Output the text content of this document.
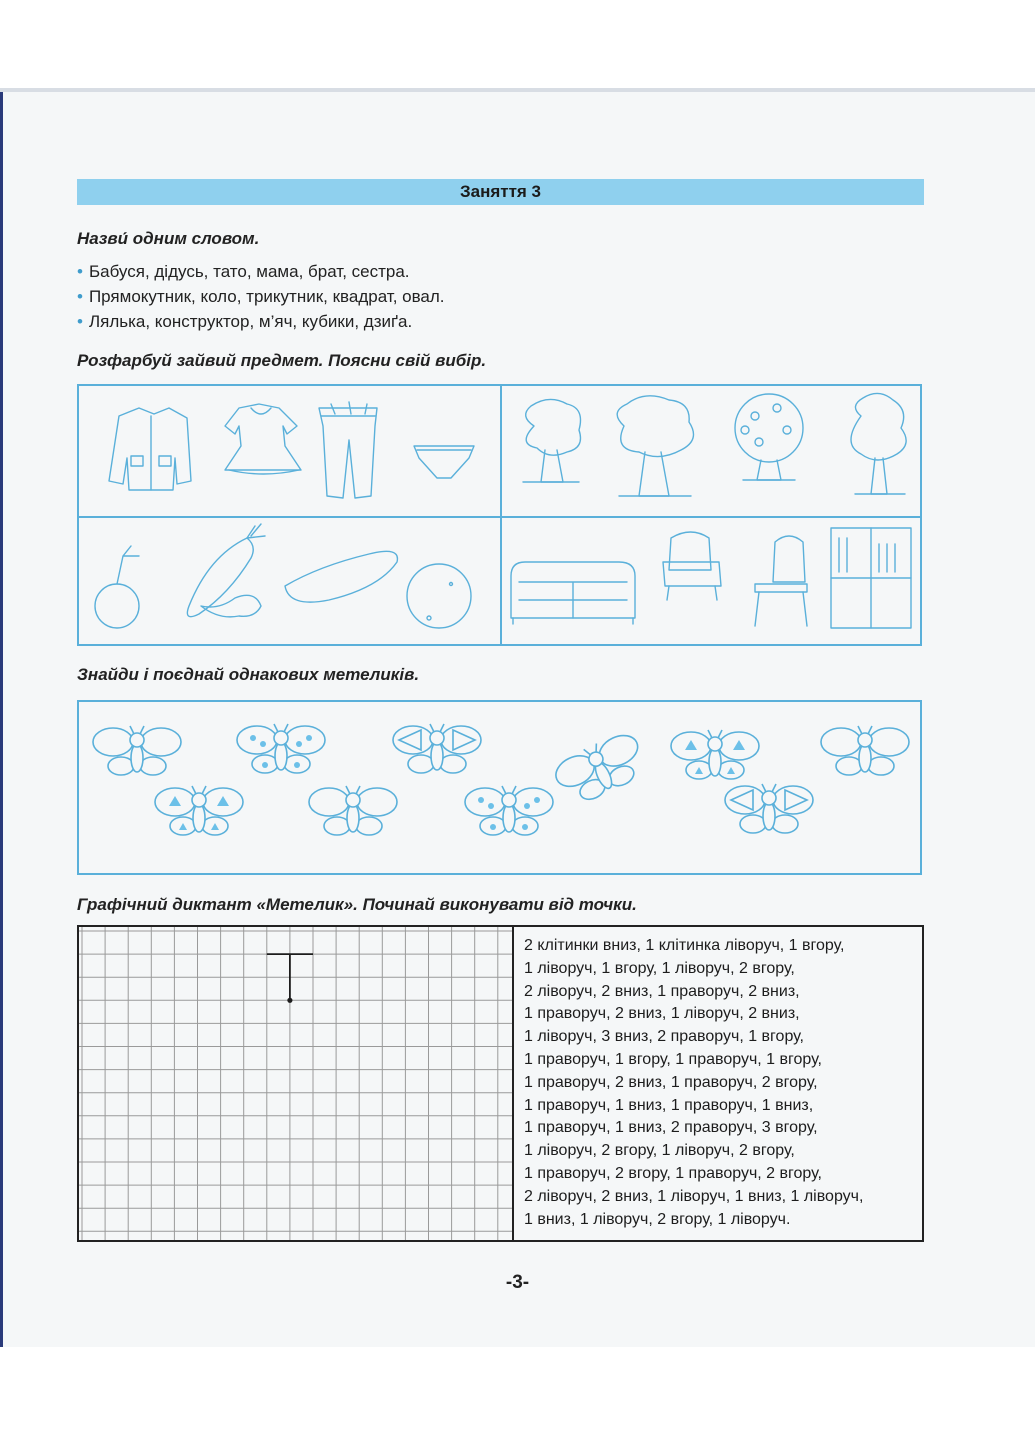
Заняття 3
Назви́ одним словом.
• Бабуся, дідусь, тато, мама, брат, сестра.
• Прямокутник, коло, трикутник, квадрат, овал.
• Лялька, конструктор, м’яч, кубики, дзиґа.
Розфарбуй зайвий предмет. Поясни свій вибір.
Знайди і поєднай однакових метеликів.
Графічний диктант «Метелик». Починай виконувати від точки.
2 клітинки вниз, 1 клітинка ліворуч, 1 вгору,
1 ліворуч, 1 вгору, 1 ліворуч, 2 вгору,
2 ліворуч, 2 вниз, 1 праворуч, 2 вниз,
1 праворуч, 2 вниз, 1 ліворуч, 2 вниз,
1 ліворуч, 3 вниз, 2 праворуч, 1 вгору,
1 праворуч, 1 вгору, 1 праворуч, 1 вгору,
1 праворуч, 2 вниз, 1 праворуч, 2 вгору,
1 праворуч, 1 вниз, 1 праворуч, 1 вниз,
1 праворуч, 1 вниз, 2 праворуч, 3 вгору,
1 ліворуч, 2 вгору, 1 ліворуч, 2 вгору,
1 праворуч, 2 вгору, 1 праворуч, 2 вгору,
2 ліворуч, 2 вниз, 1 ліворуч, 1 вниз, 1 ліворуч,
1 вниз, 1 ліворуч, 2 вгору, 1 ліворуч.
-3-
